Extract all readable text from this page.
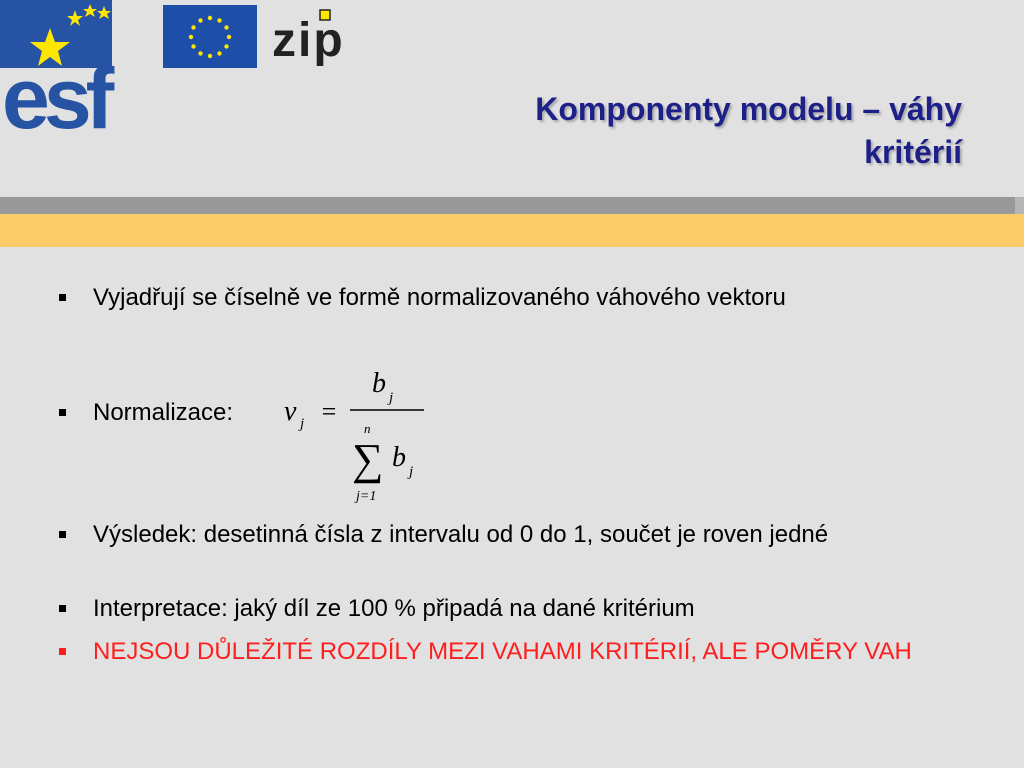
esf
zip
Komponenty modelu – váhy
kritérií
Vyjadřují se číselně ve formě normalizovaného váhového vektoru
Normalizace:
Výsledek: desetinná čísla z intervalu od 0 do 1, součet je roven jedné
Interpretace: jaký díl ze 100 % připadá na dané kritérium
NEJSOU DŮLEŽITÉ ROZDÍLY MEZI VAHAMI KRITÉRIÍ, ALE POMĚRY VAH
v j =
b j
n
∑
j=1
b j
